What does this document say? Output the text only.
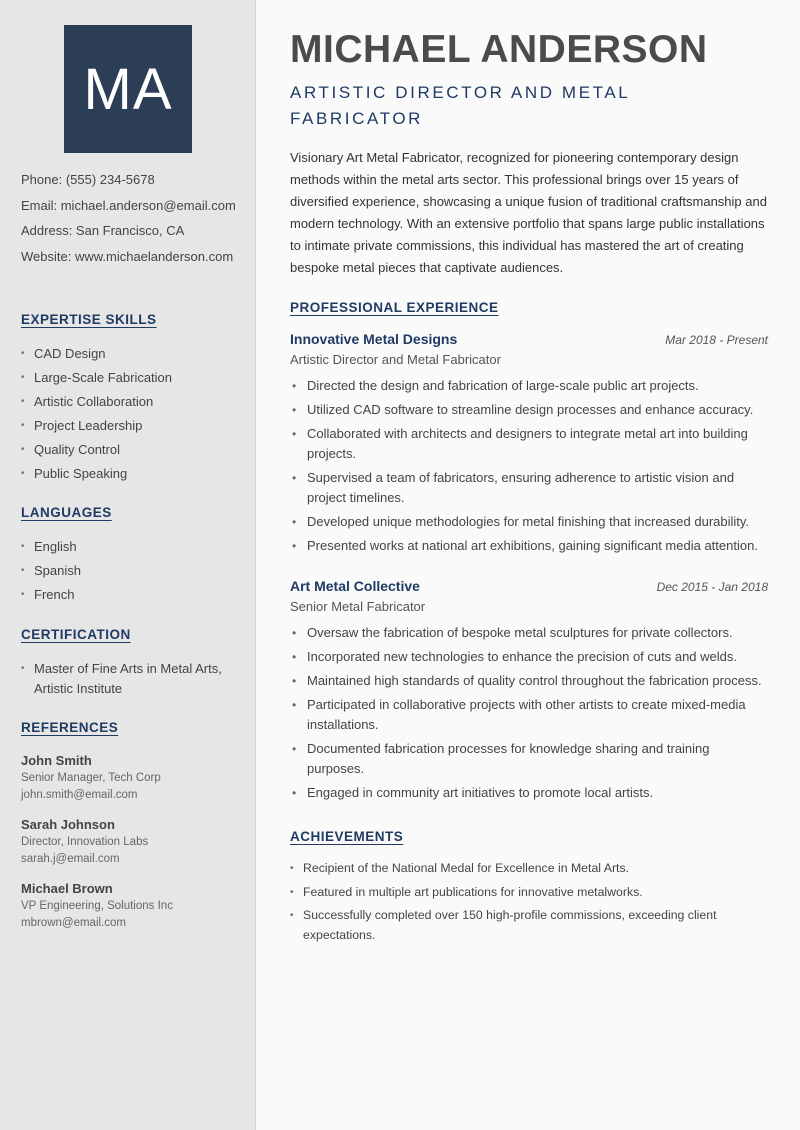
MA
Phone: (555) 234-5678
Email: michael.anderson@email.com
Address: San Francisco, CA
Website: www.michaelanderson.com
EXPERTISE SKILLS
• CAD Design
• Large-Scale Fabrication
• Artistic Collaboration
• Project Leadership
• Quality Control
• Public Speaking
LANGUAGES
• English
• Spanish
• French
CERTIFICATION
• Master of Fine Arts in Metal Arts, Artistic Institute
REFERENCES
John Smith
Senior Manager, Tech Corp
john.smith@email.com
Sarah Johnson
Director, Innovation Labs
sarah.j@email.com
Michael Brown
VP Engineering, Solutions Inc
mbrown@email.com
MICHAEL ANDERSON
ARTISTIC DIRECTOR AND METAL FABRICATOR
Visionary Art Metal Fabricator, recognized for pioneering contemporary design methods within the metal arts sector. This professional brings over 15 years of diversified experience, showcasing a unique fusion of traditional craftsmanship and modern technology. With an extensive portfolio that spans large public installations to intimate private commissions, this individual has mastered the art of creating bespoke metal pieces that captivate audiences.
PROFESSIONAL EXPERIENCE
Innovative Metal Designs	Mar 2018 - Present
Artistic Director and Metal Fabricator
• Directed the design and fabrication of large-scale public art projects.
• Utilized CAD software to streamline design processes and enhance accuracy.
• Collaborated with architects and designers to integrate metal art into building projects.
• Supervised a team of fabricators, ensuring adherence to artistic vision and project timelines.
• Developed unique methodologies for metal finishing that increased durability.
• Presented works at national art exhibitions, gaining significant media attention.
Art Metal Collective	Dec 2015 - Jan 2018
Senior Metal Fabricator
• Oversaw the fabrication of bespoke metal sculptures for private collectors.
• Incorporated new technologies to enhance the precision of cuts and welds.
• Maintained high standards of quality control throughout the fabrication process.
• Participated in collaborative projects with other artists to create mixed-media installations.
• Documented fabrication processes for knowledge sharing and training purposes.
• Engaged in community art initiatives to promote local artists.
ACHIEVEMENTS
• Recipient of the National Medal for Excellence in Metal Arts.
• Featured in multiple art publications for innovative metalworks.
• Successfully completed over 150 high-profile commissions, exceeding client expectations.
